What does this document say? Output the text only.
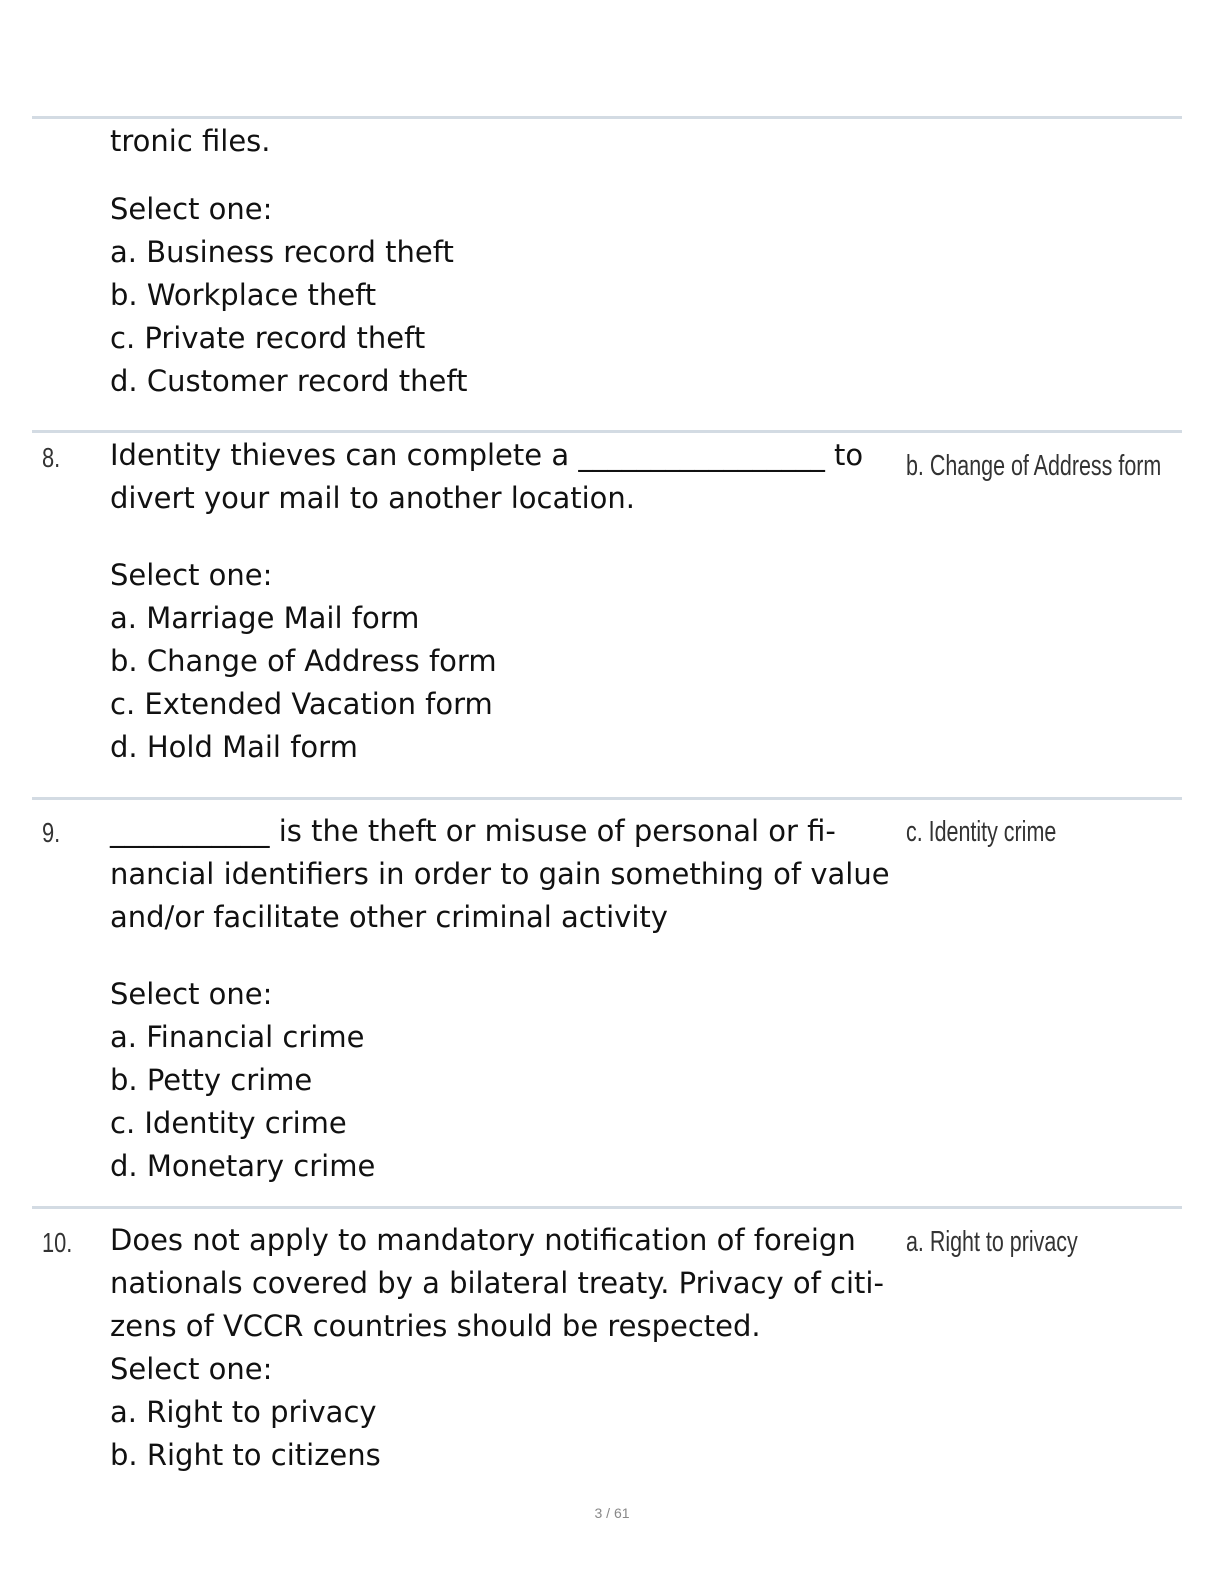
tronic files.
Select one:
a. Business record theft
b. Workplace theft
c. Private record theft
d. Customer record theft
8. Identity thieves can complete a _________________ to
divert your mail to another location.
b. Change of Address form
Select one:
a. Marriage Mail form
b. Change of Address form
c. Extended Vacation form
d. Hold Mail form
9. ___________ is the theft or misuse of personal or fi-
nancial identifiers in order to gain something of value
and/or facilitate other criminal activity
c. Identity crime
Select one:
a. Financial crime
b. Petty crime
c. Identity crime
d. Monetary crime
10. Does not apply to mandatory notification of foreign
nationals covered by a bilateral treaty. Privacy of citi-
zens of VCCR countries should be respected.
Select one:
a. Right to privacy
b. Right to citizens
a. Right to privacy
3 / 61
